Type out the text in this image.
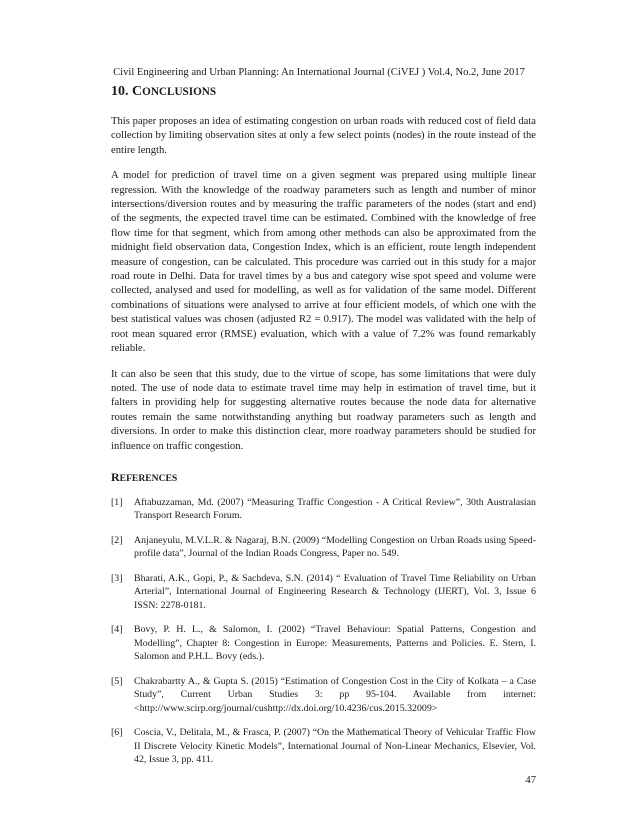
Civil Engineering and Urban Planning: An International Journal (CiVEJ ) Vol.4, No.2, June 2017
10. CONCLUSIONS

This paper proposes an idea of estimating congestion on urban roads with reduced cost of field data collection by limiting observation sites at only a few select points (nodes) in the route instead of the entire length.

A model for prediction of travel time on a given segment was prepared using multiple linear regression. With the knowledge of the roadway parameters such as length and number of minor intersections/diversion routes and by measuring the traffic parameters of the nodes (start and end) of the segments, the expected travel time can be estimated. Combined with the knowledge of free flow time for that segment, which from among other methods can also be approximated from the midnight field observation data, Congestion Index, which is an efficient, route length independent measure of congestion, can be calculated. This procedure was carried out in this study for a major road route in Delhi. Data for travel times by a bus and category wise spot speed and volume were collected, analysed and used for modelling, as well as for validation of the same model. Different combinations of situations were analysed to arrive at four efficient models, of which one with the best statistical values was chosen (adjusted R2 = 0.917). The model was validated with the help of root mean squared error (RMSE) evaluation, which with a value of 7.2% was found remarkably reliable.

It can also be seen that this study, due to the virtue of scope, has some limitations that were duly noted. The use of node data to estimate travel time may help in estimation of travel time, but it falters in providing help for suggesting alternative routes because the node data for alternative routes remain the same notwithstanding anything but roadway parameters such as length and diversions. In order to make this distinction clear, more roadway parameters should be studied for influence on traffic congestion.

REFERENCES
[1] Aftabuzzaman, Md. (2007) “Measuring Traffic Congestion - A Critical Review”, 30th Australasian Transport Research Forum.
[2] Anjaneyulu, M.V.L.R. & Nagaraj, B.N. (2009) “Modelling Congestion on Urban Roads using Speed-profile data”, Journal of the Indian Roads Congress, Paper no. 549.
[3] Bharati, A.K., Gopi, P., & Sachdeva, S.N. (2014) “ Evaluation of Travel Time Reliability on Urban Arterial”, International Journal of Engineering Research & Technology (IJERT), Vol. 3, Issue 6 ISSN: 2278-0181.
[4] Bovy, P. H. L., & Salomon, I. (2002) “Travel Behaviour: Spatial Patterns, Congestion and Modelling”, Chapter 8: Congestion in Europe: Measurements, Patterns and Policies. E. Stern, I. Salomon and P.H.L. Bovy (eds.).
[5] Chakrabartty A., & Gupta S. (2015) “Estimation of Congestion Cost in the City of Kolkata – a Case Study”, Current Urban Studies 3: pp 95-104. Available from internet: <http://www.scirp.org/journal/cushttp://dx.doi.org/10.4236/cus.2015.32009>
[6] Coscia, V., Delitala, M., & Frasca, P. (2007) “On the Mathematical Theory of Vehicular Traffic Flow II Discrete Velocity Kinetic Models”, International Journal of Non-Linear Mechanics, Elsevier, Vol. 42, Issue 3, pp. 411.
47
